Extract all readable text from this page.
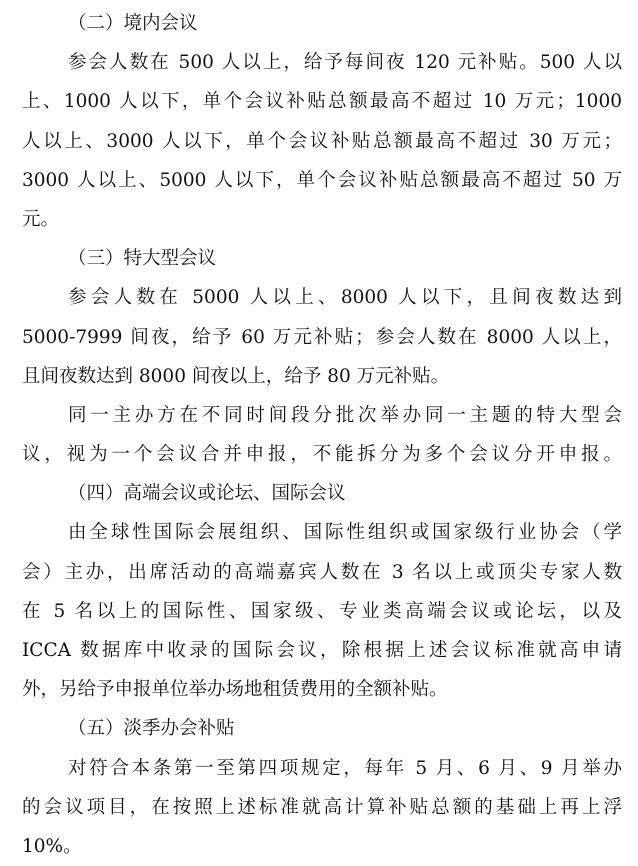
（二）境内会议
参会人数在 500 人以上，给予每间夜 120 元补贴。500 人以
上、1000 人以下，单个会议补贴总额最高不超过 10 万元；1000
人以上、3000 人以下，单个会议补贴总额最高不超过 30 万元；
3000 人以上、5000 人以下，单个会议补贴总额最高不超过 50 万
元。
（三）特大型会议
参会人数在 5000 人以上、8000 人以下，且间夜数达到
5000-7999 间夜，给予 60 万元补贴；参会人数在 8000 人以上，
且间夜数达到 8000 间夜以上，给予 80 万元补贴。
同一主办方在不同时间段分批次举办同一主题的特大型会
议，视为一个会议合并申报，不能拆分为多个会议分开申报。
（四）高端会议或论坛、国际会议
由全球性国际会展组织、国际性组织或国家级行业协会（学
会）主办，出席活动的高端嘉宾人数在 3 名以上或顶尖专家人数
在 5 名以上的国际性、国家级、专业类高端会议或论坛，以及
ICCA 数据库中收录的国际会议，除根据上述会议标准就高申请
外，另给予申报单位举办场地租赁费用的全额补贴。
（五）淡季办会补贴
对符合本条第一至第四项规定，每年 5 月、6 月、9 月举办
的会议项目，在按照上述标准就高计算补贴总额的基础上再上浮
10%。
